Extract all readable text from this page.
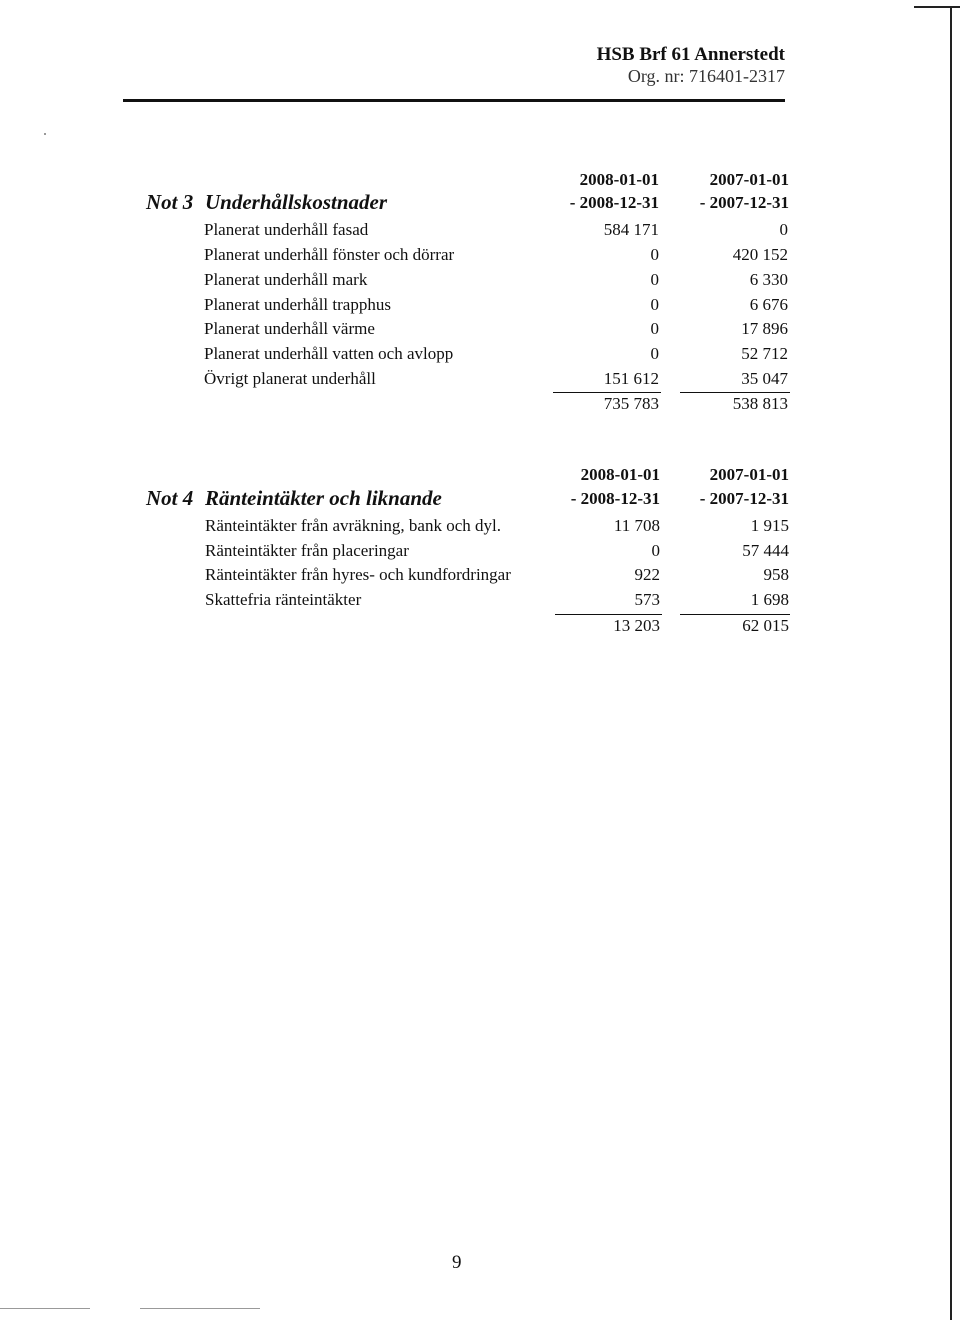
HSB Brf 61 Annerstedt
Org. nr: 716401-2317
2008-01-01	2007-01-01
- 2008-12-31 - 2007-12-31
Not 3 Underhållskostnader
Planerat underhåll fasad	584 171	0
Planerat underhåll fönster och dörrar	0	420 152
Planerat underhåll mark	0	6 330
Planerat underhåll trapphus	0	6 676
Planerat underhåll värme	0	17 896
Planerat underhåll vatten och avlopp	0	52 712
Övrigt planerat underhåll	151 612	35 047
735 783	538 813
2008-01-01	2007-01-01
- 2008-12-31 - 2007-12-31
Not 4 Ränteintäkter och liknande
Ränteintäkter från avräkning, bank och dyl.	11 708	1 915
Ränteintäkter från placeringar	0	57 444
Ränteintäkter från hyres- och kundfordringar	922	958
Skattefria ränteintäkter	573	1 698
13 203	62 015
9
